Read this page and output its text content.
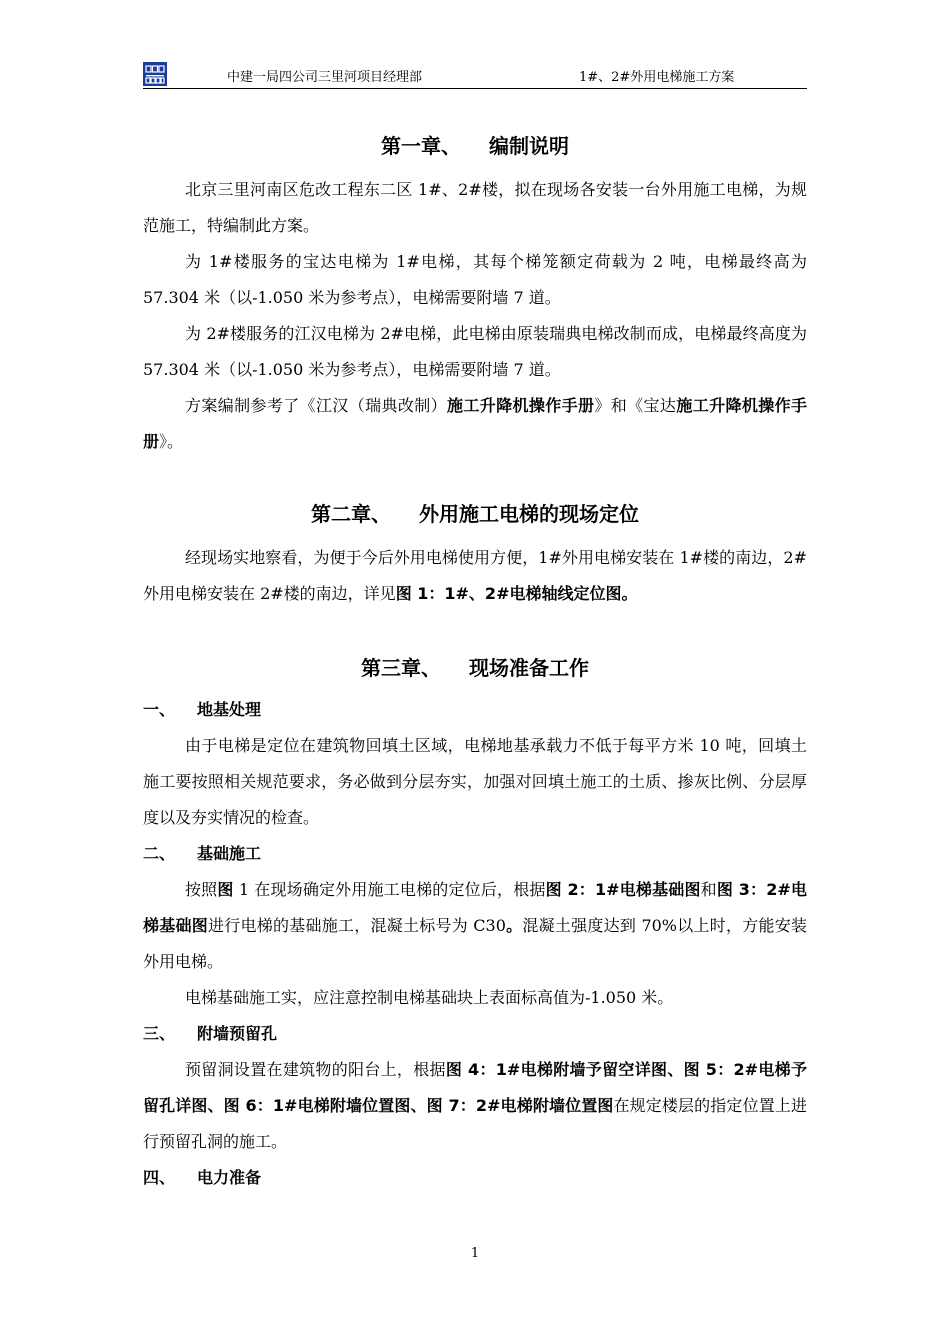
中建一局四公司三里河项目经理部	1#、2#外用电梯施工方案
第一章、 编制说明

北京三里河南区危改工程东二区 1#、2#楼，拟在现场各安装一台外用施工电梯，为规范施工，特编制此方案。

为 1#楼服务的宝达电梯为 1#电梯，其每个梯笼额定荷载为 2 吨，电梯最终高为 57.304 米（以-1.050 米为参考点），电梯需要附墙 7 道。

为 2#楼服务的江汉电梯为 2#电梯，此电梯由原装瑞典电梯改制而成，电梯最终高度为 57.304 米（以-1.050 米为参考点），电梯需要附墙 7 道。

方案编制参考了《江汉（瑞典改制）施工升降机操作手册》和《宝达施工升降机操作手册》。

第二章、 外用施工电梯的现场定位

经现场实地察看，为便于今后外用电梯使用方便，1#外用电梯安装在 1#楼的南边，2#外用电梯安装在 2#楼的南边，详见图 1：1#、2#电梯轴线定位图。

第三章、 现场准备工作
一、 地基处理

由于电梯是定位在建筑物回填土区域，电梯地基承载力不低于每平方米 10 吨，回填土施工要按照相关规范要求，务必做到分层夯实，加强对回填土施工的土质、掺灰比例、分层厚度以及夯实情况的检查。

二、 基础施工

按照图 1 在现场确定外用施工电梯的定位后，根据图 2：1#电梯基础图和图 3：2#电梯基础图进行电梯的基础施工，混凝土标号为 C30。混凝土强度达到 70%以上时，方能安装外用电梯。

电梯基础施工实，应注意控制电梯基础块上表面标高值为-1.050 米。

三、 附墙预留孔

预留洞设置在建筑物的阳台上，根据图 4：1#电梯附墙予留空详图、图 5：2#电梯予留孔详图、图 6：1#电梯附墙位置图、图 7：2#电梯附墙位置图在规定楼层的指定位置上进行预留孔洞的施工。

四、 电力准备
1
